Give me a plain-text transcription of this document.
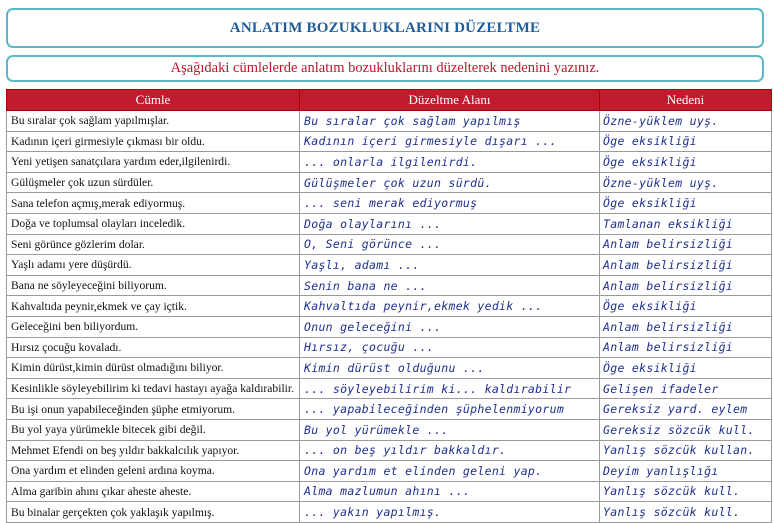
ANLATIM BOZUKLUKLARINI DÜZELTME
Aşağıdaki cümlelerde anlatım bozukluklarını düzelterek nedenini yazınız.
Cümle	Düzeltme Alanı	Nedeni
Bu sıralar çok sağlam yapılmışlar.	Bu sıralar çok sağlam yapılmış	Özne-yüklem uyş.
Kadının içeri girmesiyle çıkması bir oldu.	Kadının içeri girmesiyle dışarı ...	Öge eksikliği
Yeni yetişen sanatçılara yardım eder,ilgilenirdi.	... onlarla ilgilenirdi.	Öge eksikliği
Gülüşmeler çok uzun sürdüler.	Gülüşmeler çok uzun sürdü.	Özne-yüklem uyş.
Sana telefon açmış,merak ediyormuş.	... seni merak ediyormuş	Öge eksikliği
Doğa ve toplumsal olayları inceledik.	Doğa olaylarını ...	Tamlanan eksikliği
Seni görünce gözlerim dolar.	O, Seni görünce ...	Anlam belirsizliği
Yaşlı adamı yere düşürdü.	Yaşlı, adamı ...	Anlam belirsizliği
Bana ne söyleyeceğini biliyorum.	Senin bana ne ...	Anlam belirsizliği
Kahvaltıda peynir,ekmek ve çay içtik.	Kahvaltıda peynir,ekmek yedik ...	Öge eksikliği
Geleceğini ben biliyordum.	Onun geleceğini ...	Anlam belirsizliği
Hırsız çocuğu kovaladı.	Hırsız, çocuğu ...	Anlam belirsizliği
Kimin dürüst,kimin dürüst olmadığını biliyor.	Kimin dürüst olduğunu ...	Öge eksikliği
Kesinlikle söyleyebilirim ki tedavi hastayı ayağa kaldırabilir.	... söyleyebilirim ki... kaldırabilir	Gelişen ifadeler
Bu işi onun yapabileceğinden şüphe etmiyorum.	... yapabileceğinden şüphelenmiyorum	Gereksiz yard. eylem
Bu yol yaya yürümekle bitecek gibi değil.	Bu yol yürümekle ...	Gereksiz sözcük kull.
Mehmet Efendi on beş yıldır bakkalcılık yapıyor.	... on beş yıldır bakkaldır.	Yanlış sözcük kullan.
Ona yardım et elinden geleni ardına koyma.	Ona yardım et elinden geleni yap.	Deyim yanlışlığı
Alma garibin ahını çıkar aheste aheste.	Alma mazlumun ahını ...	Yanlış sözcük kull.
Bu binalar gerçekten çok yaklaşık yapılmış.	... yakın yapılmış.	Yanlış sözcük kull.
